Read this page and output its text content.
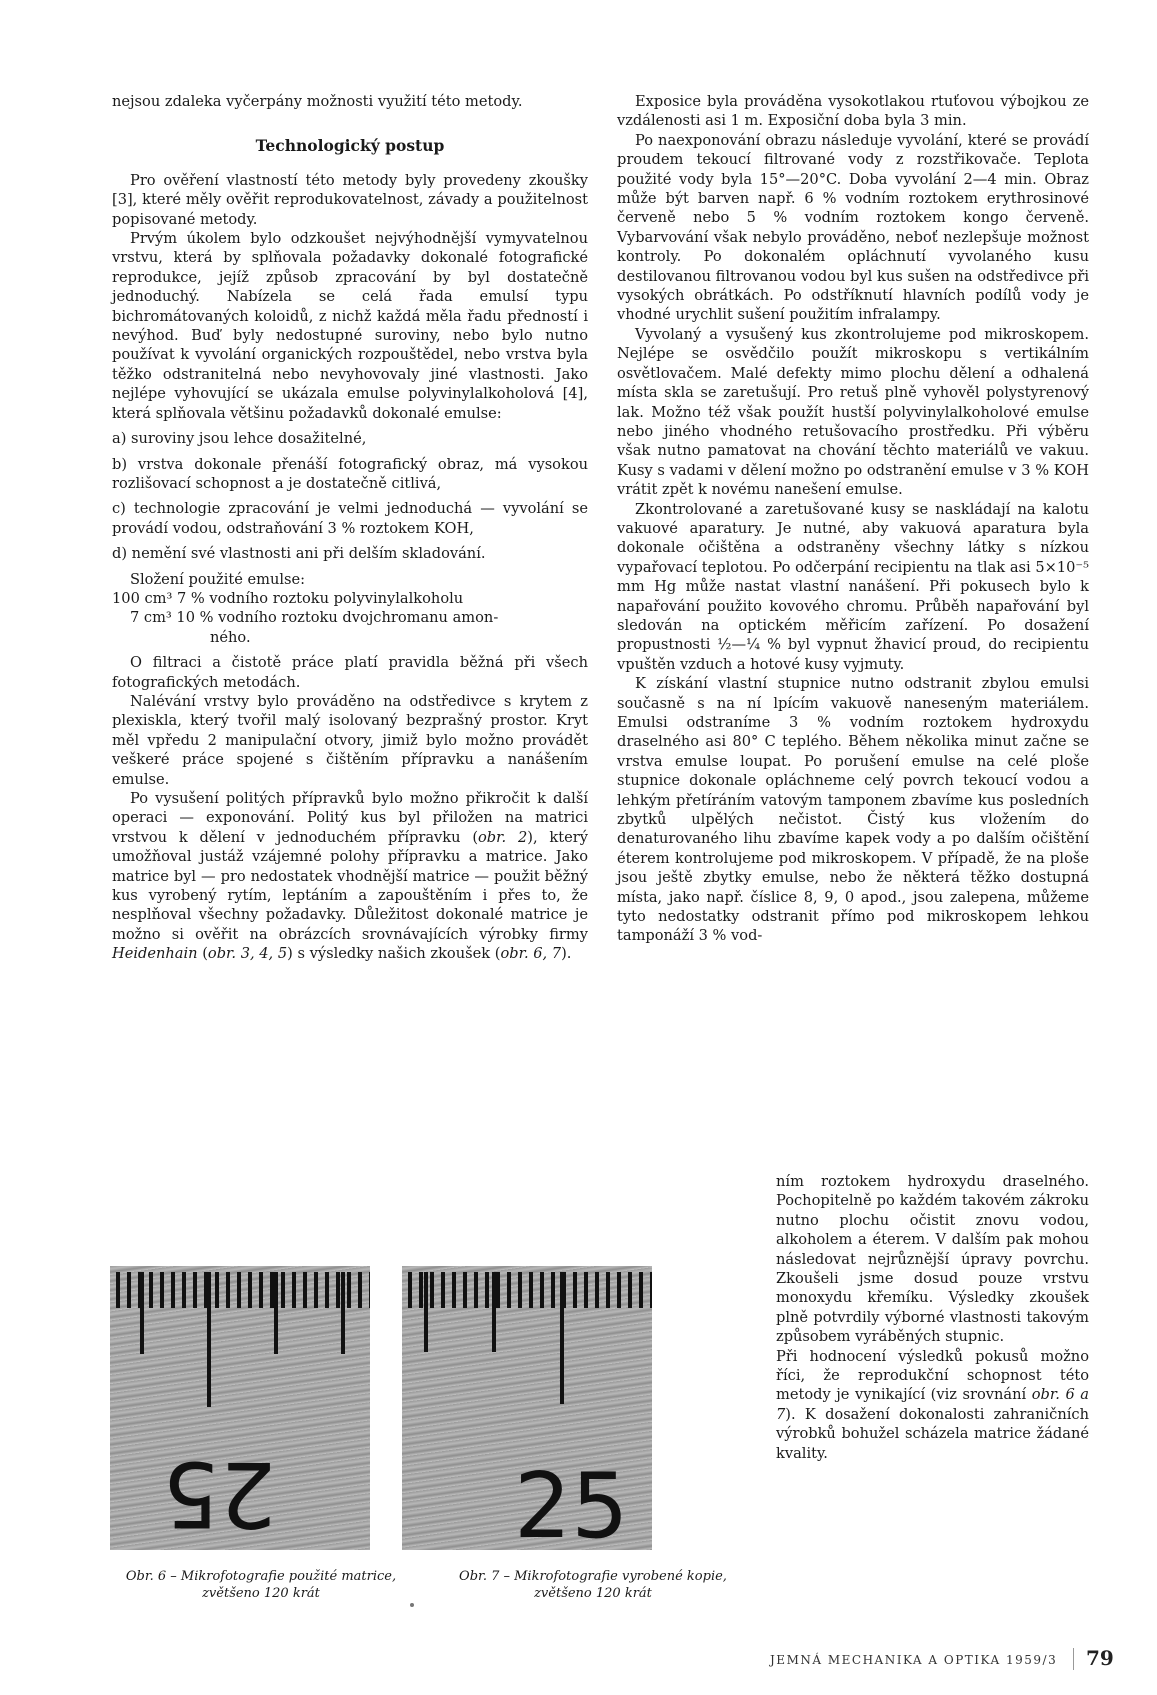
nejsou zdaleka vyčerpány možnosti využití této metody.

Technologický postup

Pro ověření vlastností této metody byly provedeny zkoušky [3], které měly ověřit reprodukovatelnost, závady a použitelnost popisované metody.

Prvým úkolem bylo odzkoušet nejvýhodnější vymyvatelnou vrstvu, která by splňovala požadavky dokonalé fotografické reprodukce, jejíž způsob zpracování by byl dostatečně jednoduchý. Nabízela se celá řada emulsí typu bichromátovaných koloidů, z nichž každá měla řadu předností i nevýhod. Buď byly nedostupné suroviny, nebo bylo nutno používat k vyvolání organických rozpouštědel, nebo vrstva byla těžko odstranitelná nebo nevyhovovaly jiné vlastnosti. Jako nejlépe vyhovující se ukázala emulse polyvinylalkoholová [4], která splňovala většinu požadavků dokonalé emulse:

a) suroviny jsou lehce dosažitelné,

b) vrstva dokonale přenáší fotografický obraz, má vysokou rozlišovací schopnost a je dostatečně citlivá,

c) technologie zpracování je velmi jednoduchá — vyvolání se provádí vodou, odstraňování 3 % roztokem KOH,

d) nemění své vlastnosti ani při delším skladování.

Složení použité emulse:

100 cm³ 7 % vodního roztoku polyvinylalkoholu

7 cm³ 10 % vodního roztoku dvojchromanu amon-

ného.

O filtraci a čistotě práce platí pravidla běžná při všech fotografických metodách.

Nalévání vrstvy bylo prováděno na odstředivce s krytem z plexiskla, který tvořil malý isolovaný bezprašný prostor. Kryt měl vpředu 2 manipulační otvory, jimiž bylo možno provádět veškeré práce spojené s čištěním přípravku a nanášením emulse.

Po vysušení politých přípravků bylo možno přikročit k další operaci — exponování. Politý kus byl přiložen na matrici vrstvou k dělení v jednoduchém přípravku (obr. 2), který umožňoval justáž vzájemné polohy přípravku a matrice. Jako matrice byl — pro nedostatek vhodnější matrice — použit běžný kus vyrobený rytím, leptáním a zapouštěním i přes to, že nesplňoval všechny požadavky. Důležitost dokonalé matrice je možno si ověřit na obrázcích srovnávajících výrobky firmy Heidenhain (obr. 3, 4, 5) s výsledky našich zkoušek (obr. 6, 7).

Exposice byla prováděna vysokotlakou rtuťovou výbojkou ze vzdálenosti asi 1 m. Exposiční doba byla 3 min.

Po naexponování obrazu následuje vyvolání, které se provádí proudem tekoucí filtrované vody z rozstřikovače. Teplota použité vody byla 15°—20°C. Doba vyvolání 2—4 min. Obraz může být barven např. 6 % vodním roztokem erythrosinové červeně nebo 5 % vodním roztokem kongo červeně. Vybarvování však nebylo prováděno, neboť nezlepšuje možnost kontroly. Po dokonalém opláchnutí vyvolaného kusu destilovanou filtrovanou vodou byl kus sušen na odstředivce při vysokých obrátkách. Po odstříknutí hlavních podílů vody je vhodné urychlit sušení použitím infralampy.

Vyvolaný a vysušený kus zkontrolujeme pod mikroskopem. Nejlépe se osvědčilo použít mikroskopu s vertikálním osvětlovačem. Malé defekty mimo plochu dělení a odhalená místa skla se zaretušují. Pro retuš plně vyhověl polystyrenový lak. Možno též však použít hustší polyvinylalkoholové emulse nebo jiného vhodného retušovacího prostředku. Při výběru však nutno pamatovat na chování těchto materiálů ve vakuu. Kusy s vadami v dělení možno po odstranění emulse v 3 % KOH vrátit zpět k novému nanešení emulse.

Zkontrolované a zaretušované kusy se naskládají na kalotu vakuové aparatury. Je nutné, aby vakuová aparatura byla dokonale očištěna a odstraněny všechny látky s nízkou vypařovací teplotou. Po odčerpání recipientu na tlak asi 5×10⁻⁵ mm Hg může nastat vlastní nanášení. Při pokusech bylo k napařování použito kovového chromu. Průběh napařování byl sledován na optickém měřicím zařízení. Po dosažení propustnosti ½—¼ % byl vypnut žhavicí proud, do recipientu vpuštěn vzduch a hotové kusy vyjmuty.

K získání vlastní stupnice nutno odstranit zbylou emulsi současně s na ní lpícím vakuově naneseným materiálem. Emulsi odstraníme 3 % vodním roztokem hydroxydu draselného asi 80° C teplého. Během několika minut začne se vrstva emulse loupat. Po porušení emulse na celé ploše stupnice dokonale opláchneme celý povrch tekoucí vodou a lehkým přetíráním vatovým tamponem zbavíme kus posledních zbytků ulpělých nečistot. Čistý kus vložením do denaturovaného lihu zbavíme kapek vody a po dalším očištění éterem kontrolujeme pod mikroskopem. V případě, že na ploše jsou ještě zbytky emulse, nebo že některá těžko dostupná místa, jako např. číslice 8, 9, 0 apod., jsou zalepena, můžeme tyto nedostatky odstranit přímo pod mikroskopem lehkou tamponáží 3 % vod-

ním roztokem hydroxydu draselného. Pochopitelně po každém takovém zákroku nutno plochu očistit znovu vodou, alkoholem a éterem. V dalším pak mohou následovat nejrůznější úpravy povrchu. Zkoušeli jsme dosud pouze vrstvu monoxydu křemíku. Výsledky zkoušek plně potvrdily výborné vlastnosti takovým způsobem vyráběných stupnic.

Při hodnocení výsledků pokusů možno říci, že reprodukční schopnost této metody je vynikající (viz srovnání obr. 6 a 7). K dosažení dokonalosti zahraničních výrobků bohužel scházela matrice žádané kvality.

25	25
Obr. 6 – Mikrofotografie použité matrice,
zvětšeno 120 krát
Obr. 7 – Mikrofotografie vyrobené kopie,
zvětšeno 120 krát
JEMNÁ MECHANIKA A OPTIKA 1959/3 79
